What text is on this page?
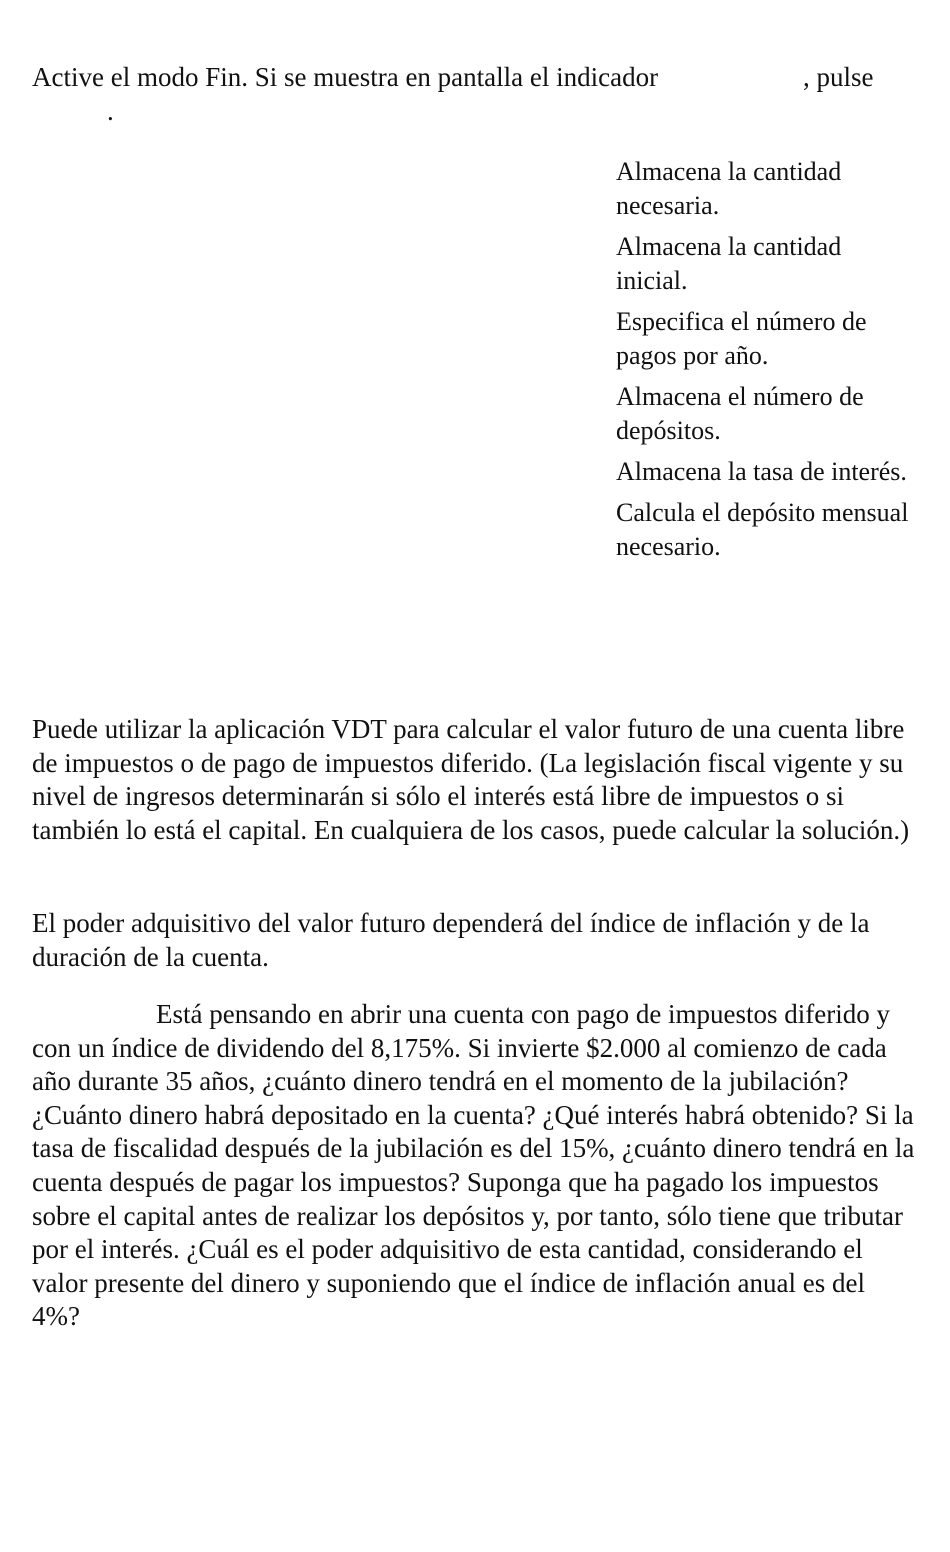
Active el modo Fin. Si se muestra en pantalla el indicador	, pulse
.
Almacena la cantidad necesaria.
Almacena la cantidad inicial.
Especifica el número de pagos por año.
Almacena el número de depósitos.
Almacena la tasa de interés.
Calcula el depósito mensual necesario.

Puede utilizar la aplicación VDT para calcular el valor futuro de una cuenta libre de impuestos o de pago de impuestos diferido. (La legislación fiscal vigente y su nivel de ingresos determinarán si sólo el interés está libre de impuestos o si también lo está el capital. En cualquiera de los casos, puede calcular la solución.)

El poder adquisitivo del valor futuro dependerá del índice de inflación y de la duración de la cuenta.

Está pensando en abrir una cuenta con pago de impuestos diferido y con un índice de dividendo del 8,175%. Si invierte $2.000 al comienzo de cada año durante 35 años, ¿cuánto dinero tendrá en el momento de la jubilación? ¿Cuánto dinero habrá depositado en la cuenta? ¿Qué interés habrá obtenido? Si la tasa de fiscalidad después de la jubilación es del 15%, ¿cuánto dinero tendrá en la cuenta después de pagar los impuestos? Suponga que ha pagado los impuestos sobre el capital antes de realizar los depósitos y, por tanto, sólo tiene que tributar por el interés. ¿Cuál es el poder adquisitivo de esta cantidad, considerando el valor presente del dinero y suponiendo que el índice de inflación anual es del 4%?
